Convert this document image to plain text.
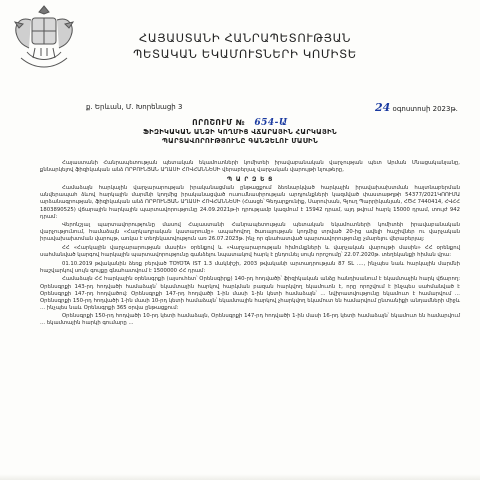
ՀԱՅԱՍՏԱՆԻ ՀԱՆՐԱՊԵՏՈՒԹՅԱՆ
ՊԵՏԱԿԱՆ ԵԿԱՄՈՒՏՆԵՐԻ ԿՈՄԻՏԵ
ք. Երևան, Մ. Խորենացի 3	24 օգոստոսի 2023թ.
ՈՐՈՇՈՒՄ № 654-Ա
ՖԻԶԻԿԱԿԱՆ ԱՆՁԻ ԿՈՂՄԻՑ ՎՃԱՐԱՅԻՆ ՀԱՐԿԱՅԻՆ
ՊԱՐՏԱՎՈՐՈՒԹՅՈՒՆԸ ԳԱՆՁԵԼՈՒ ՄԱՍԻՆ

Հայաստանի Հանրապետության պետական եկամուտների կոմիտեի իրավաբանական վարչության պետ Արման Մնացականյանը, քննարկելով ֆիզիկական անձ ՈՐԲՈՒՆՅԱՆ ԱՂԱՍԻ ՀՈՎՀԱՆՆԵՍԻ վերաբերյալ վարչական վարույթի նյութերը,

Պ Ա Ր Զ Ե Ց

Համաձայն հարկային վարչարարության իրականացման ընթացքում ձեռնարկված հարկային իրավախախտման հայտնաբերման անվերապահ ձևով հարկային մարմնի կողմից իրականացված ուսումնասիրության արդյունքների կազմված փաստաթղթի 54377/2021ԿՈՈՒՄԱ արձանագրության, ֆիզիկական անձ ՈՐԲՈՒՆՅԱՆ ԱՂԱՍԻ ՀՈՎՀԱՆՆԵՍԻ (Հասցե՝ Գեղարքունիք, Սարուխան, Գյուղ Պարրիկանյան, ՀԾՀ 7440414, ՀՎՀՀ 1803890525) վճարային հարկային պարտավորությունը 24.09.2021թ-ի դրությամբ կազմում է 15942 դրամ, այդ թվում հարկ 15000 դրամ, տույժ 942 դրամ:

Վերոնշյալ պարտավորությունը մասով Հայաստանի Հանրապետության պետական եկամուտների կոմիտեի իրավաբանական վարչությունում, համաձայն «Հարկադրական կատարումը» ապահովող ծառայության կողմից տրված 20-ից ավելի հաշիվներ ու վարչական իրավախախտման վարույթ, առկա է տեղեկատվություն առ 26.07.2023թ. ինչ որ գնահատված պարտավորությունը չմարելու վերաբերյալ:

ՀՀ «Հարկային վարչարարության մասին» օրենքով և «Վարչարարության հիմունքների և վարչական վարույթի մասին» ՀՀ օրենքով սահմանված կարգով հարկային պարտավորությունը գանձելու նպատակով հարկ է ընդունել սույն որոշումը՝ 22.07.2020թ. տեղեկանքի հիման վրա:

01.10.2019 թվականին ձեռք բերված TOYOTA IST 1.3 մակնիշի, 2003 թվականի արտադրության 87 ՏԼ ...., ինչպես նաև հարկային մարմնի հաշվարկով սույն գույքը գնահատվում է 1500000 ՀՀ դրամ:

Համաձայն ՀՀ հարկային օրենսգրքի (այսուհետ՝ Օրենսգիրք) 140-րդ հոդվածի՝ ֆիզիկական անձը հանդիսանում է եկամտային հարկ վճարող: Օրենսգրքի 143-րդ հոդվածի համաձայն՝ եկամտային հարկով հարկման բազան հարկվող եկամուտն է, որը որոշվում է ինչպես սահմանված է Օրենսգրքի 147-րդ հոդվածով: Օրենսգրքի 147-րդ հոդվածի 1-ին մասի 1-ին կետի համաձայն՝ ... նվիրատվությունը եկամուտ է համարվում ... Օրենսգրքի 150-րդ հոդվածի 1-ին մասի 10-րդ կետի համաձայն՝ եկամտային հարկով չհարկվող եկամուտ են համարվում ընտանիքի անդամների միջև ... ինչպես նաև Օրենսգրքի 365 օրվա ընթացքում:

Օրենսգրքի 150-րդ հոդվածի 10-րդ կետի համաձայն, Օրենսգրքի 147-րդ հոդվածի 1-ին մասի 16-րդ կետի համաձայն՝ եկամուտ են համարվում ... եկամտային հարկի գումարը ...
